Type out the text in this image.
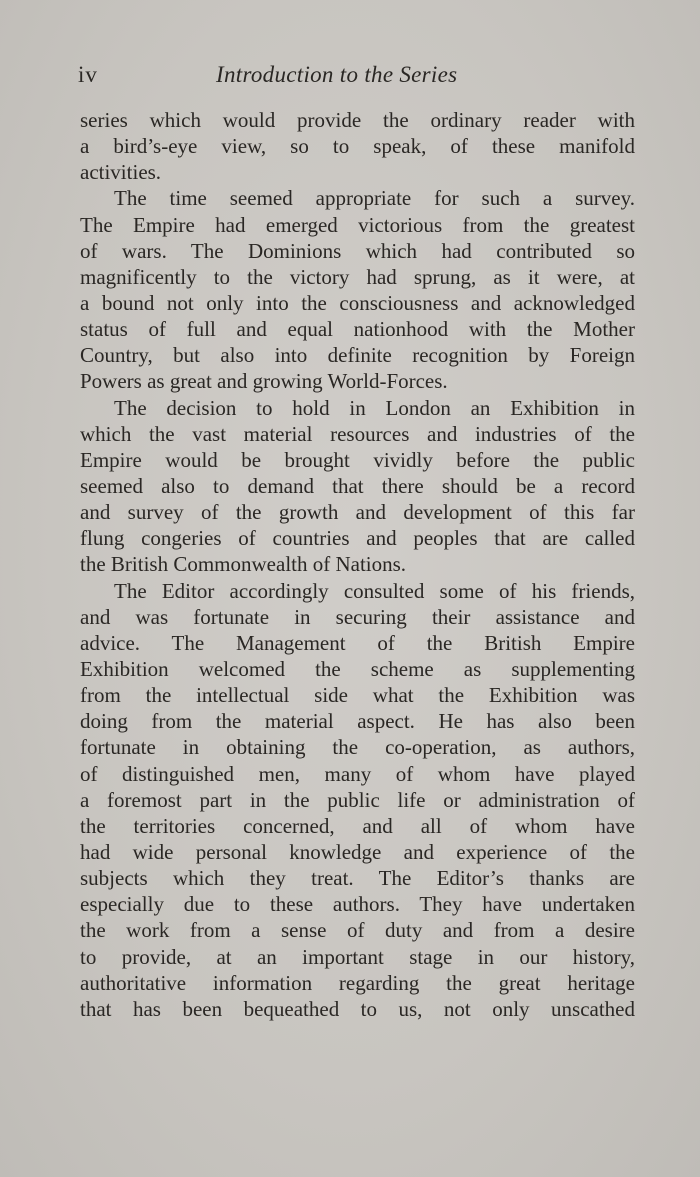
iv	Introduction to the Series
series which would provide the ordinary reader with
a bird’s-eye view, so to speak, of these manifold
activities.
The time seemed appropriate for such a survey.
The Empire had emerged victorious from the greatest
of wars. The Dominions which had contributed so
magnificently to the victory had sprung, as it were, at
a bound not only into the consciousness and acknowledged
status of full and equal nationhood with the Mother
Country, but also into definite recognition by Foreign
Powers as great and growing World-Forces.
The decision to hold in London an Exhibition in
which the vast material resources and industries of the
Empire would be brought vividly before the public
seemed also to demand that there should be a record
and survey of the growth and development of this far
flung congeries of countries and peoples that are called
the British Commonwealth of Nations.
The Editor accordingly consulted some of his friends,
and was fortunate in securing their assistance and
advice. The Management of the British Empire
Exhibition welcomed the scheme as supplementing
from the intellectual side what the Exhibition was
doing from the material aspect. He has also been
fortunate in obtaining the co-operation, as authors,
of distinguished men, many of whom have played
a foremost part in the public life or administration of
the territories concerned, and all of whom have
had wide personal knowledge and experience of the
subjects which they treat. The Editor’s thanks are
especially due to these authors. They have undertaken
the work from a sense of duty and from a desire
to provide, at an important stage in our history,
authoritative information regarding the great heritage
that has been bequeathed to us, not only unscathed
